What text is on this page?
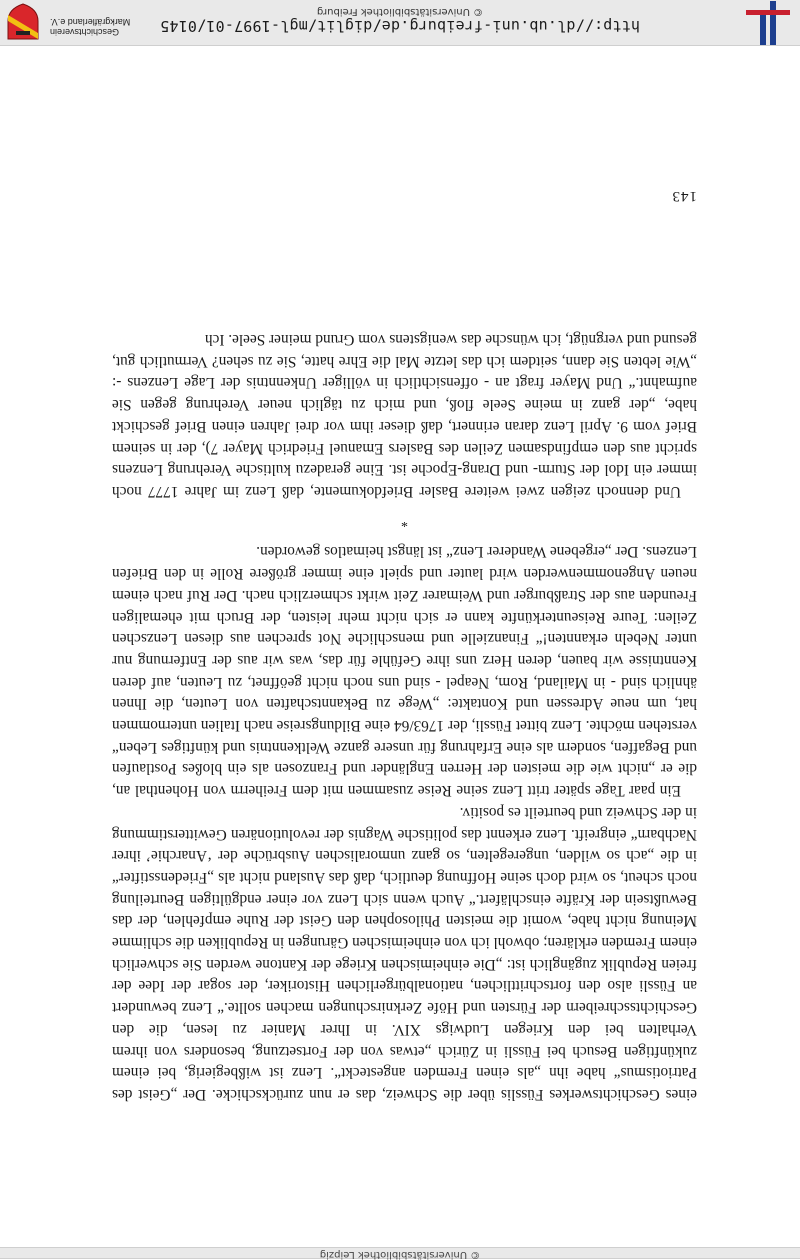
© Universitätsbibliothek Leipzig

eines Geschichtswerkes Füsslis über die Schweiz, das er nun zurückschicke. Der „Geist des Patriotismus“ habe ihn „als einen Fremden angesteckt“. Lenz ist wißbegierig, bei einem zukünftigen Besuch bei Füssli in Zürich „etwas von der Fortsetzung, besonders von ihrem Verhalten bei den Kriegen Ludwigs XIV. in Ihrer Manier zu lesen, die den Geschichtsschreibern der Fürsten und Höfe Zerknirschungen machen sollte.“ Lenz bewundert an Füssli also den fortschrittlichen, nationalbürgerlichen Historiker, der sogar der Idee der freien Republik zugänglich ist: „Die einheimischen Kriege der Kantone werden Sie schwerlich einem Fremden erklären; obwohl ich von einheimischen Gärungen in Republiken die schlimme Meinung nicht habe, womit die meisten Philosophen den Geist der Ruhe empfehlen, der das Bewußtsein der Kräfte einschläfert.“ Auch wenn sich Lenz vor einer endgültigen Beurteilung noch scheut, so wird doch seine Hoffnung deutlich, daß das Ausland nicht als „Friedensstifter“ in die „ach so wilden, ungeregelten, so ganz unmoralischen Ausbrüche der ‘Anarchie’ ihrer Nachbarn“ eingreift. Lenz erkennt das politische Wagnis der revolutionären Gewitterstimmung in der Schweiz und beurteilt es positiv.

Ein paar Tage später tritt Lenz seine Reise zusammen mit dem Freiherrn von Hohenthal an, die er „nicht wie die meisten der Herren Engländer und Franzosen als ein bloßes Postlaufen und Begaffen, sondern als eine Erfahrung für unsere ganze Weltkenntnis und künftiges Leben“ verstehen möchte. Lenz bittet Füssli, der 1763/64 eine Bildungsreise nach Italien unternommen hat, um neue Adressen und Kontakte: „Wege zu Bekanntschaften von Leuten, die Ihnen ähnlich sind - in Mailand, Rom, Neapel - sind uns noch nicht geöffnet, zu Leuten, auf deren Kenntnisse wir bauen, deren Herz uns ihre Gefühle für das, was wir aus der Entfernung nur unter Nebeln erkannten!“ Finanzielle und menschliche Not sprechen aus diesen Lenzschen Zeilen: Teure Reiseunterkünfte kann er sich nicht mehr leisten, der Bruch mit ehemaligen Freunden aus der Straßburger und Weimarer Zeit wirkt schmerzlich nach. Der Ruf nach einem neuen Angenommenwerden wird lauter und spielt eine immer größere Rolle in den Briefen Lenzens. Der „ergebene Wanderer Lenz“ ist längst heimatlos geworden.

*

Und dennoch zeigen zwei weitere Basler Briefdokumente, daß Lenz im Jahre 1777 noch immer ein Idol der Sturm- und Drang-Epoche ist. Eine geradezu kultische Verehrung Lenzens spricht aus den empfindsamen Zeilen des Baslers Emanuel Friedrich Mayer 7), der in seinem Brief vom 9. April Lenz daran erinnert, daß dieser ihm vor drei Jahren einen Brief geschickt habe, „der ganz in meine Seele floß, und mich zu täglich neuer Verehrung gegen Sie aufmahnt.“ Und Mayer fragt an - offensichtlich in völliger Unkenntnis der Lage Lenzens -: „Wie lebten Sie dann, seitdem ich das letzte Mal die Ehre hatte, Sie zu sehen? Vermutlich gut, gesund und vergnügt, ich wünsche das wenigstens vom Grund meiner Seele. Ich

143
http://dl.ub.uni-freiburg.de/diglit/mgl-1997-01/0145
© Universitätsbibliothek Freiburg
Geschichtsverein
Markgräflerland e.V.
